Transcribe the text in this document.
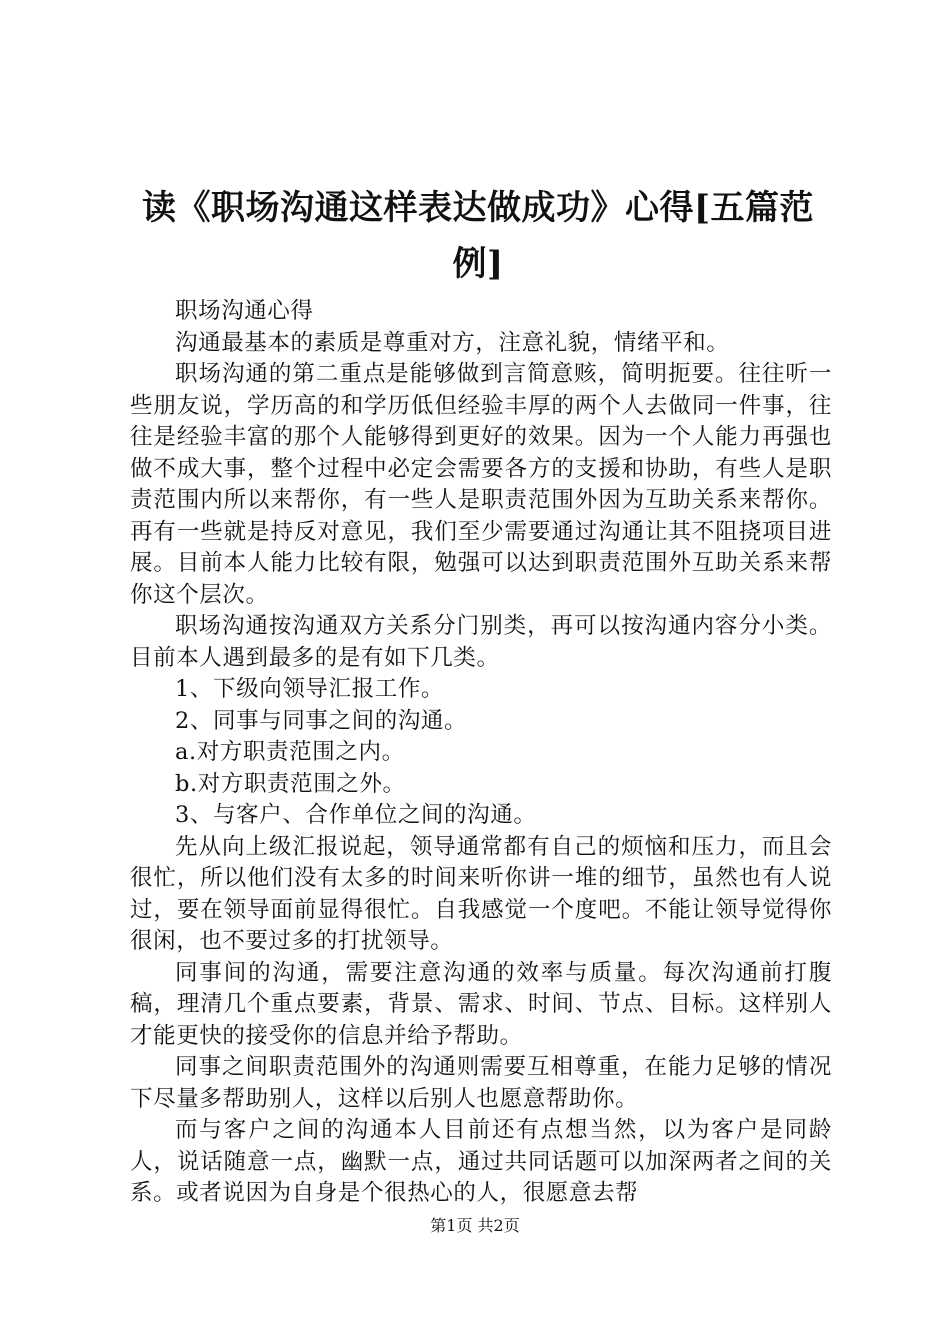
读《职场沟通这样表达做成功》心得[五篇范例]

职场沟通心得

沟通最基本的素质是尊重对方，注意礼貌，情绪平和。

职场沟通的第二重点是能够做到言简意赅，简明扼要。往往听一些朋友说，学历高的和学历低但经验丰厚的两个人去做同一件事，往往是经验丰富的那个人能够得到更好的效果。因为一个人能力再强也做不成大事，整个过程中必定会需要各方的支援和协助，有些人是职责范围内所以来帮你，有一些人是职责范围外因为互助关系来帮你。再有一些就是持反对意见，我们至少需要通过沟通让其不阻挠项目进展。目前本人能力比较有限，勉强可以达到职责范围外互助关系来帮你这个层次。

职场沟通按沟通双方关系分门别类，再可以按沟通内容分小类。目前本人遇到最多的是有如下几类。

1、下级向领导汇报工作。

2、同事与同事之间的沟通。

a.对方职责范围之内。

b.对方职责范围之外。

3、与客户、合作单位之间的沟通。

先从向上级汇报说起，领导通常都有自己的烦恼和压力，而且会很忙，所以他们没有太多的时间来听你讲一堆的细节，虽然也有人说过，要在领导面前显得很忙。自我感觉一个度吧。不能让领导觉得你很闲，也不要过多的打扰领导。

同事间的沟通，需要注意沟通的效率与质量。每次沟通前打腹稿，理清几个重点要素，背景、需求、时间、节点、目标。这样别人才能更快的接受你的信息并给予帮助。

同事之间职责范围外的沟通则需要互相尊重，在能力足够的情况下尽量多帮助别人，这样以后别人也愿意帮助你。

而与客户之间的沟通本人目前还有点想当然，以为客户是同龄人，说话随意一点，幽默一点，通过共同话题可以加深两者之间的关系。或者说因为自身是个很热心的人，很愿意去帮

第1页 共2页
